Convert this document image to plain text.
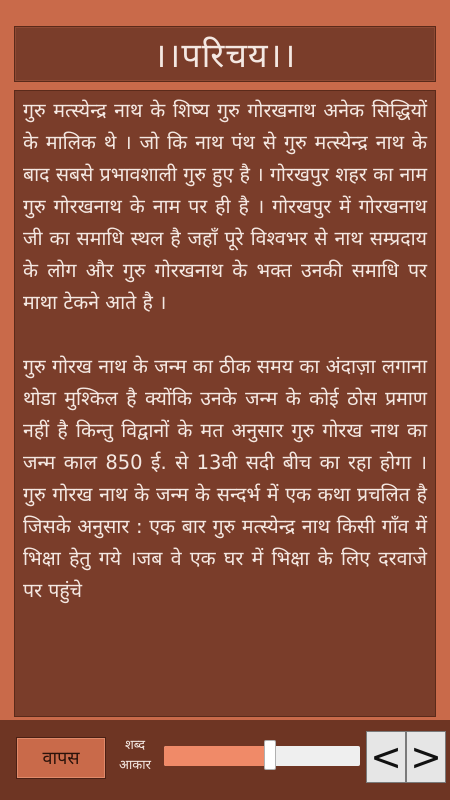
।।परिचय।।

गुरु मत्स्येन्द्र नाथ के शिष्य गुरु गोरखनाथ अनेक सिद्धियों के मालिक थे । जो कि नाथ पंथ से गुरु मत्स्येन्द्र नाथ के बाद सबसे प्रभावशाली गुरु हुए है । गोरखपुर शहर का नाम गुरु गोरखनाथ के नाम पर ही है । गोरखपुर में गोरखनाथ जी का समाधि स्थल है जहाँ पूरे विश्वभर से नाथ सम्प्रदाय के लोग और गुरु गोरखनाथ के भक्त उनकी समाधि पर माथा टेकने आते है ।

गुरु गोरख नाथ के जन्म का ठीक समय का अंदाज़ा लगाना थोडा मुश्किल है क्योंकि उनके जन्म के कोई ठोस प्रमाण नहीं है किन्तु विद्वानों के मत अनुसार गुरु गोरख नाथ का जन्म काल 850 ई. से 13वी सदी बीच का रहा होगा । गुरु गोरख नाथ के जन्म के सन्दर्भ में एक कथा प्रचलित है जिसके अनुसार : एक बार गुरु मत्स्येन्द्र नाथ किसी गाँव में भिक्षा हेतु गये ।जब वे एक घर में भिक्षा के लिए दरवाजे पर पहुंचे

वापस
शब्द आकार	< >
